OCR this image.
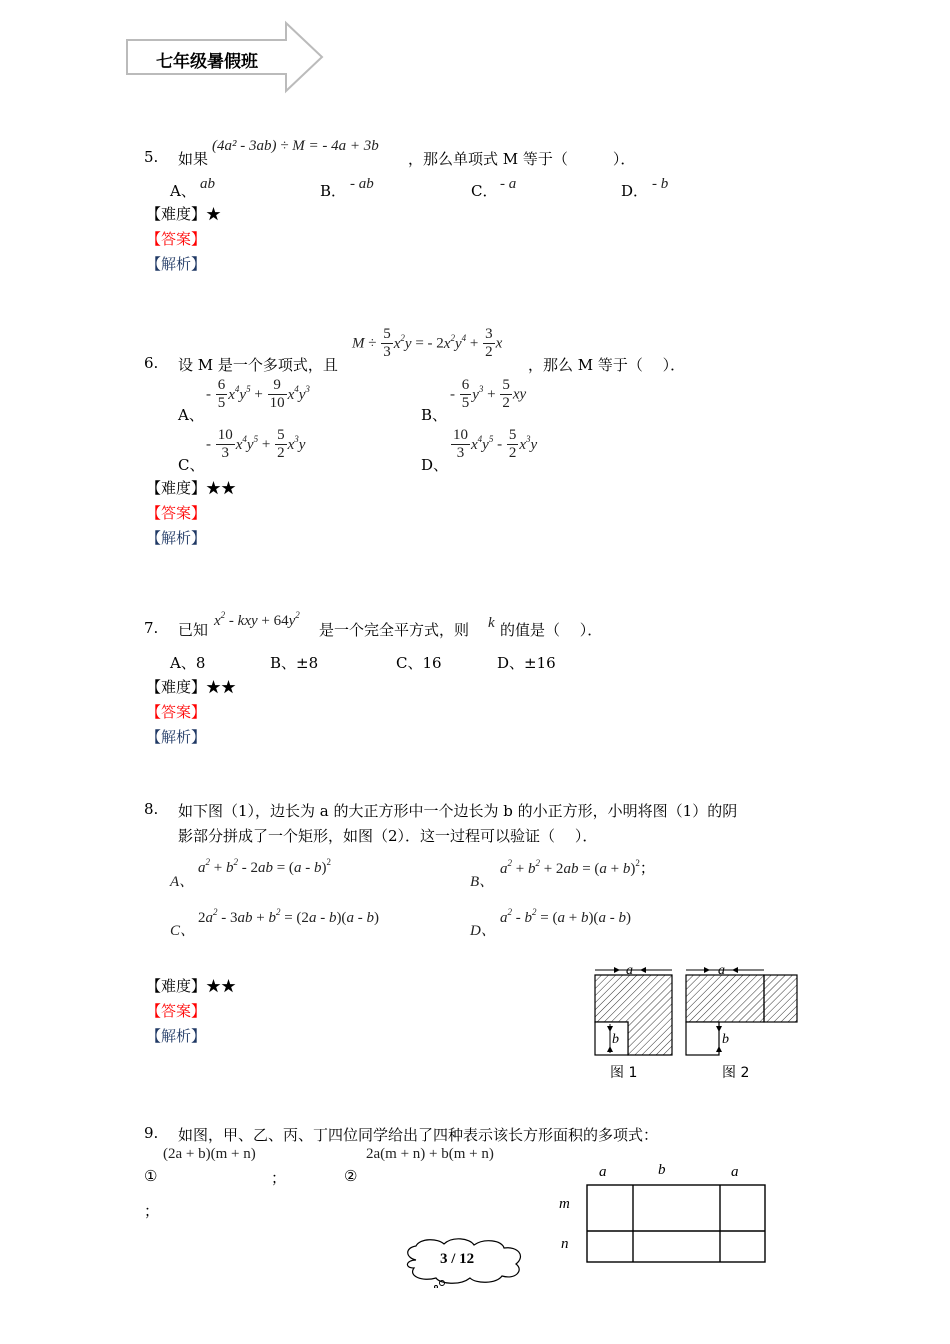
七年级暑假班
5. 如果
(4a² - 3ab) ÷ M = - 4a + 3b
，那么单项式 M 等于（　　　）．
A、 ab	B． - ab	C． - a	D． - b
【难度】★
【答案】
【解析】
6. 设 M 是一个多项式，且
$M \div \frac{5}{3} x^2y$ = - $2x^2y^4 + \frac{3}{2}$ x
，那么 M 等于（　 ）．
A、
- $\frac{6}{5} x^4y^5 + \frac{9}{10} x^4y^3$
B、
- $\frac{6}{5} y^3 + \frac{5}{2}$ xy
C、
- $\frac{10}{3} x^4y^5 + \frac{5}{2} x^3y$
D、
$\frac{10}{3} x^4y^5 - \frac{5}{2} x^3y$
【难度】★★
【答案】
【解析】
7. 已知 $x^2$ - kxy + $64y^2$
是一个完全平方式，则 k 的值是（　 ）．
A、8	B、±8	C、16	D、±16
【难度】★★
【答案】
【解析】
8. 如下图（1），边长为 a 的大正方形中一个边长为 b 的小正方形，小明将图（1）的阴
影部分拼成了一个矩形，如图（2）．这一过程可以验证（　 ）．
A、
$a^2 + b^2 - 2ab = (a - b)^2$
B、
$a^2 + b^2 + 2ab = (a + b)^2$；
C、
$2a^2 - 3ab + b^2 = (2a - b)(a - b)$
D、
$a^2 - b^2 = (a + b)(a - b)$
【难度】★★
【答案】
【解析】
a
b
图 1
a
b
图 2
9. 如图，甲、乙、丙、丁四位同学给出了四种表示该长方形面积的多项式：
(2a + b)(m + n)	2a(m + n) + b(m + n)
①	；	②
；
a	b	a
m
n
3 / 12
